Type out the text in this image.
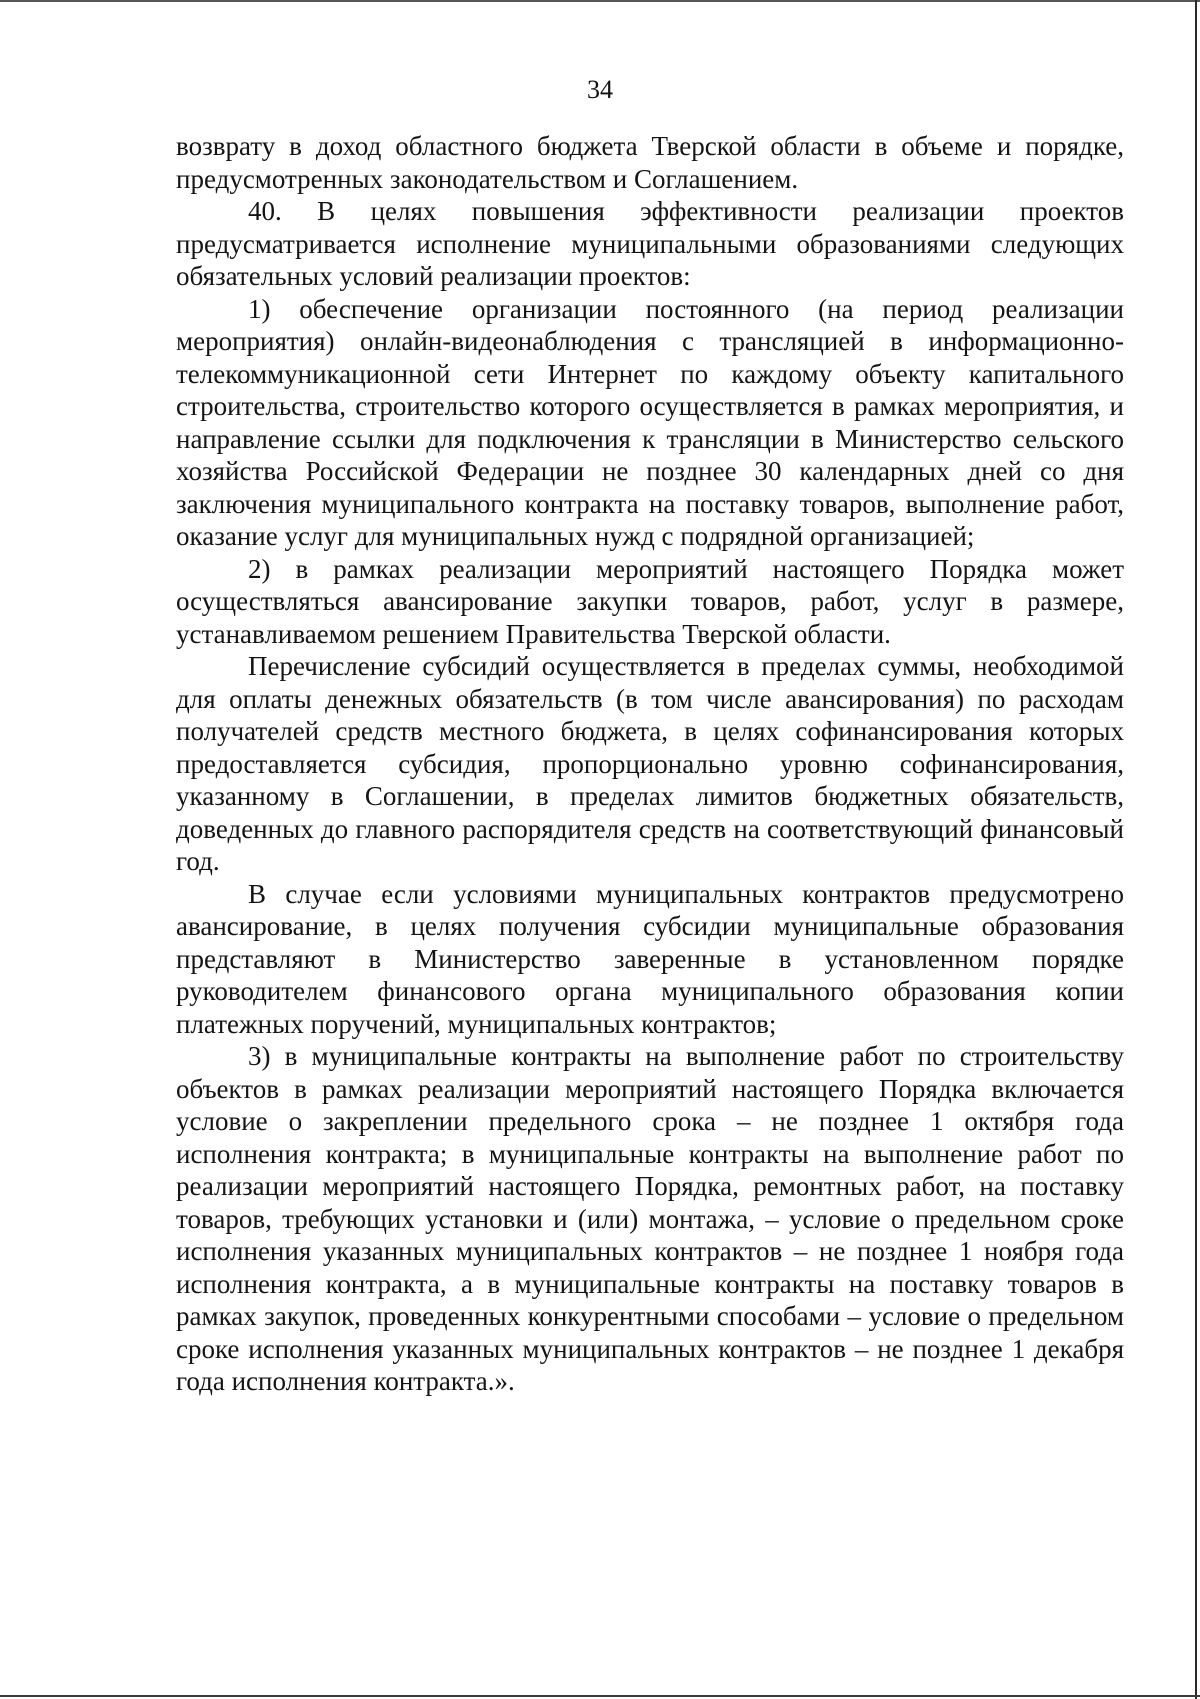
34

возврату в доход областного бюджета Тверской области в объеме и порядке, предусмотренных законодательством и Соглашением.

40. В целях повышения эффективности реализации проектов предусматривается исполнение муниципальными образованиями следующих обязательных условий реализации проектов:

1) обеспечение организации постоянного (на период реализации мероприятия) онлайн-видеонаблюдения с трансляцией в информационно-телекоммуникационной сети Интернет по каждому объекту капитального строительства, строительство которого осуществляется в рамках мероприятия, и направление ссылки для подключения к трансляции в Министерство сельского хозяйства Российской Федерации не позднее 30 календарных дней со дня заключения муниципального контракта на поставку товаров, выполнение работ, оказание услуг для муниципальных нужд с подрядной организацией;

2) в рамках реализации мероприятий настоящего Порядка может осуществляться авансирование закупки товаров, работ, услуг в размере, устанавливаемом решением Правительства Тверской области.

Перечисление субсидий осуществляется в пределах суммы, необходимой для оплаты денежных обязательств (в том числе авансирования) по расходам получателей средств местного бюджета, в целях софинансирования которых предоставляется субсидия, пропорционально уровню софинансирования, указанному в Соглашении, в пределах лимитов бюджетных обязательств, доведенных до главного распорядителя средств на соответствующий финансовый год.

В случае если условиями муниципальных контрактов предусмотрено авансирование, в целях получения субсидии муниципальные образования представляют в Министерство заверенные в установленном порядке руководителем финансового органа муниципального образования копии платежных поручений, муниципальных контрактов;

3) в муниципальные контракты на выполнение работ по строительству объектов в рамках реализации мероприятий настоящего Порядка включается условие о закреплении предельного срока – не позднее 1 октября года исполнения контракта; в муниципальные контракты на выполнение работ по реализации мероприятий настоящего Порядка, ремонтных работ, на поставку товаров, требующих установки и (или) монтажа, – условие о предельном сроке исполнения указанных муниципальных контрактов – не позднее 1 ноября года исполнения контракта, а в муниципальные контракты на поставку товаров в рамках закупок, проведенных конкурентными способами – условие о предельном сроке исполнения указанных муниципальных контрактов – не позднее 1 декабря года исполнения контракта.».
